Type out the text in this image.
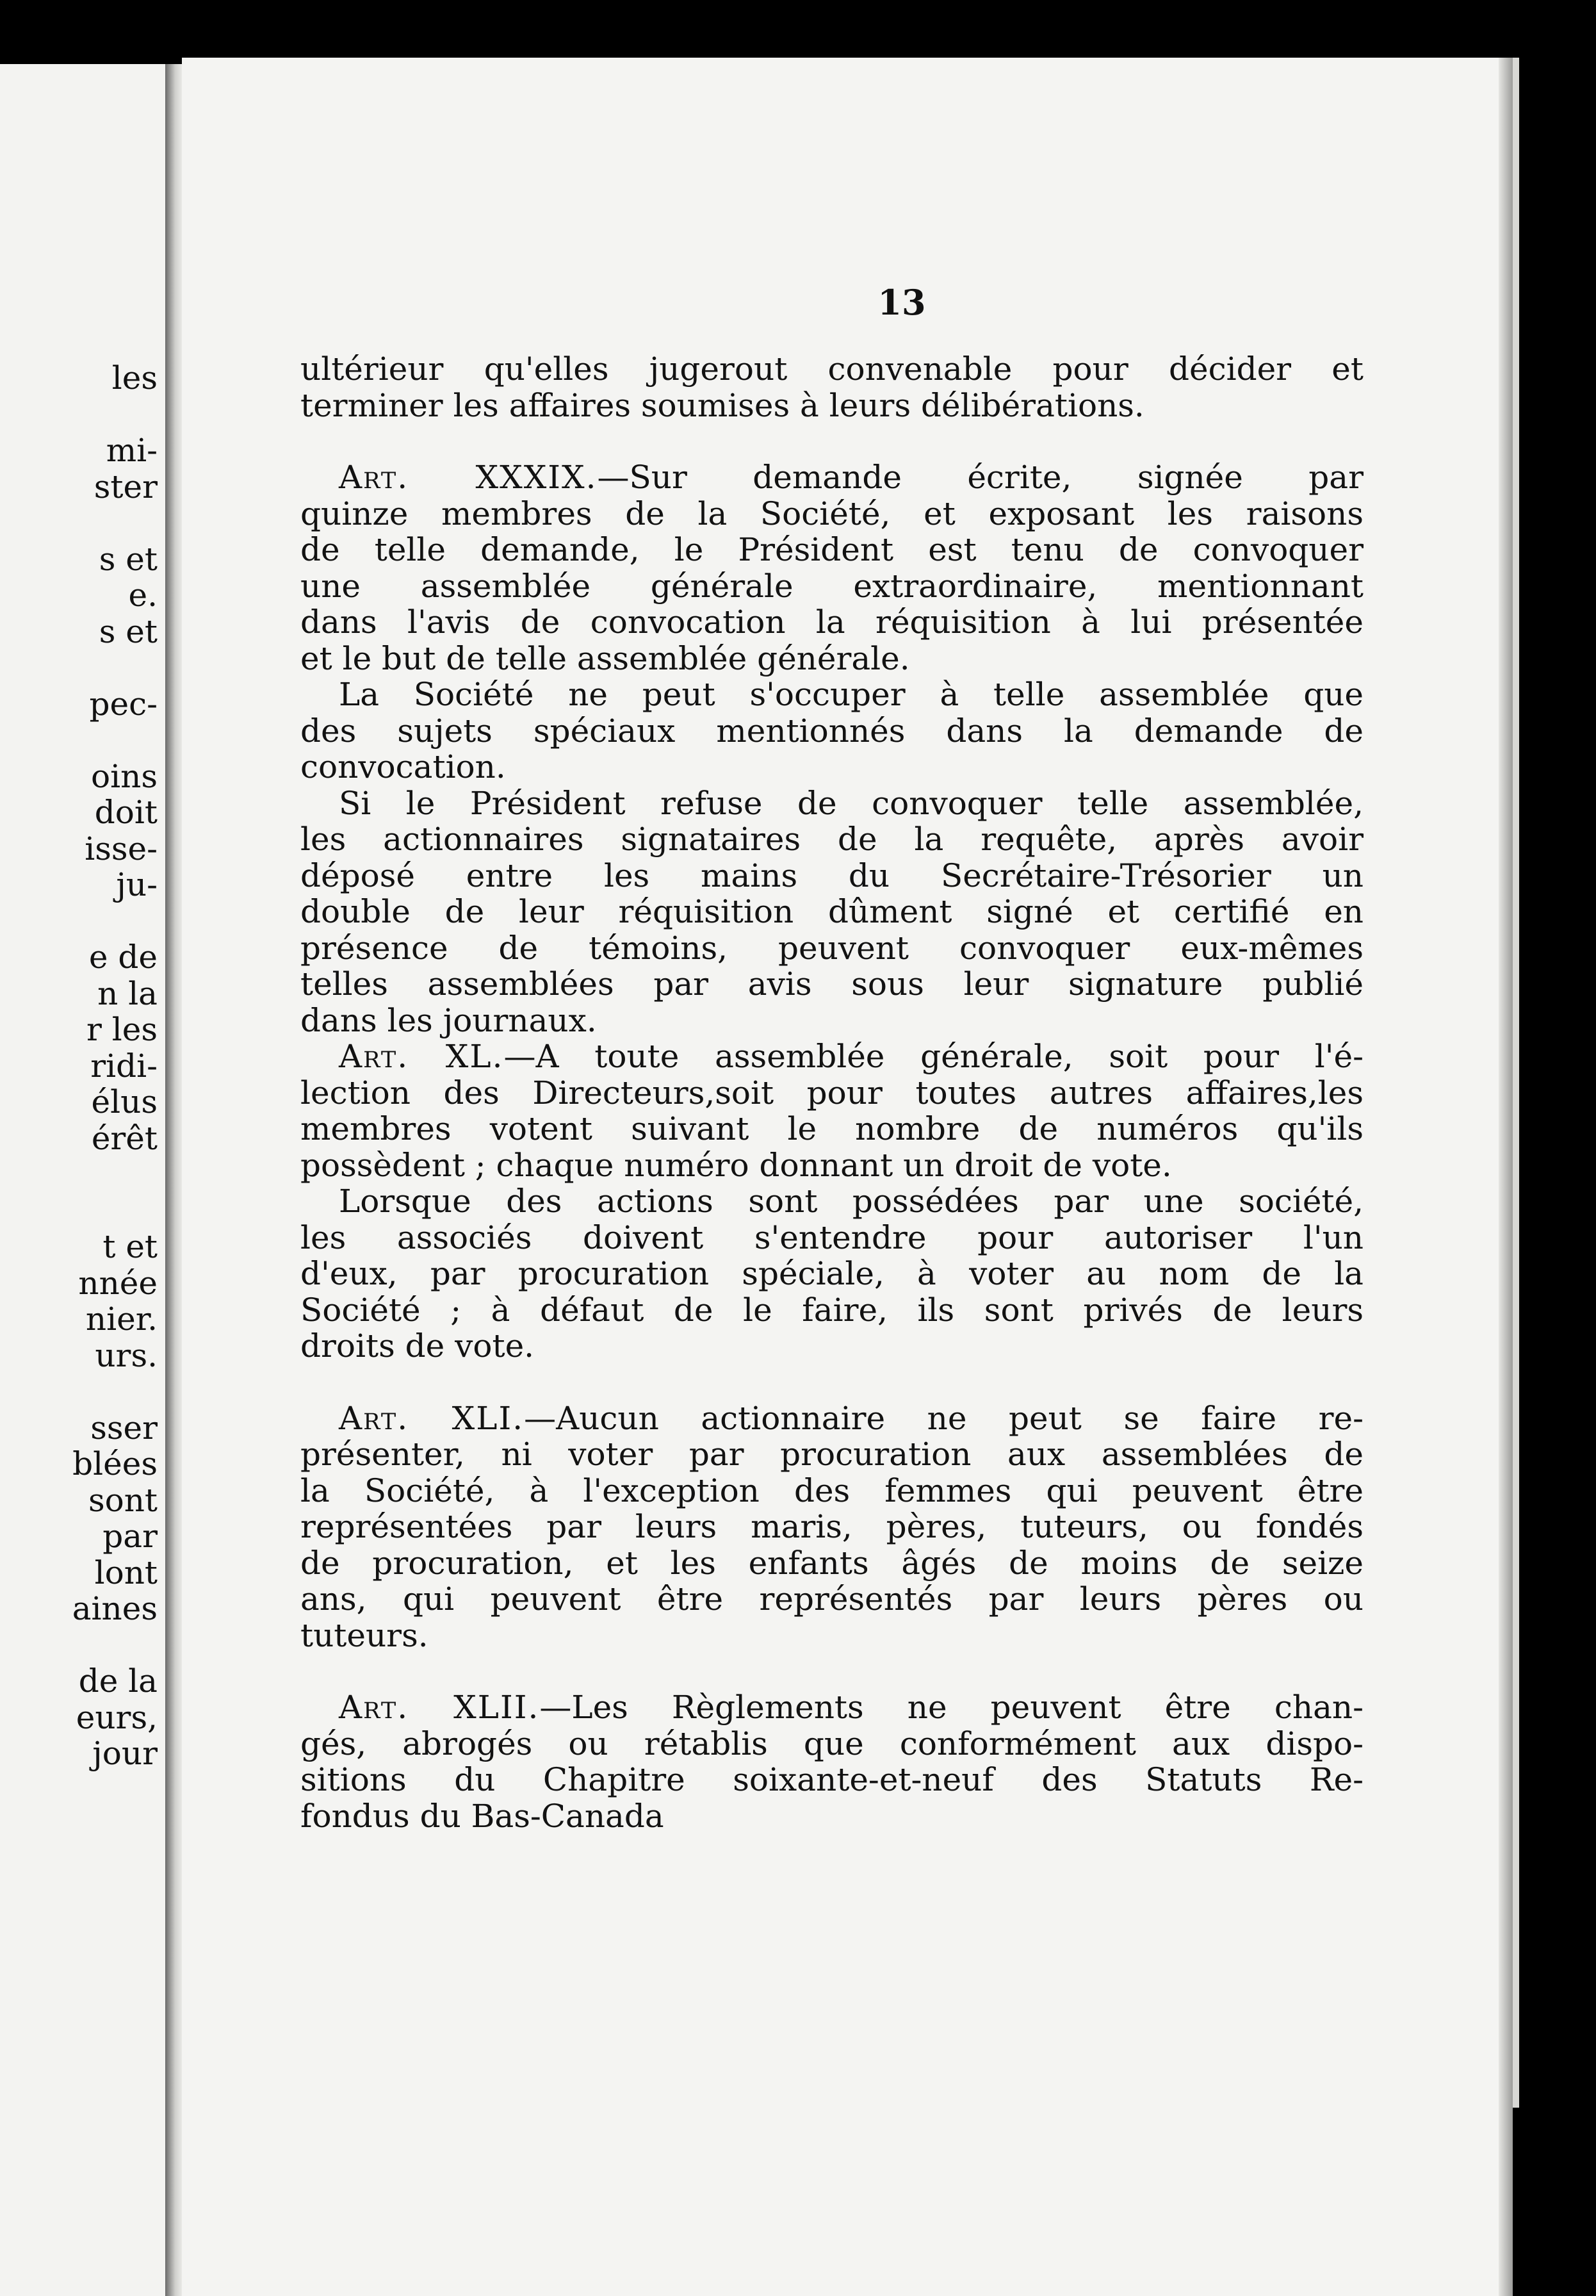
les
mi-
ster
s et
e.
s et
pec-
oins
doit
isse-
ju-
e de
n la
r les
ridi-
élus
érêt
t et
nnée
nier.
urs.
sser
blées
sont
par
lont
aines
de la
eurs,
jour
13
ultérieur qu'elles jugerout convenable pour décider et
terminer les affaires soumises à leurs délibérations.
Art. XXXIX.—Sur demande écrite, signée par
quinze membres de la Société, et exposant les raisons
de telle demande, le Président est tenu de convoquer
une assemblée générale extraordinaire, mentionnant
dans l'avis de convocation la réquisition à lui présentée
et le but de telle assemblée générale.
La Société ne peut s'occuper à telle assemblée que
des sujets spéciaux mentionnés dans la demande de
convocation.
Si le Président refuse de convoquer telle assemblée,
les actionnaires signataires de la requête, après avoir
déposé entre les mains du Secrétaire-Trésorier un
double de leur réquisition dûment signé et certifié en
présence de témoins, peuvent convoquer eux-mêmes
telles assemblées par avis sous leur signature publié
dans les journaux.
Art. XL.—A toute assemblée générale, soit pour l'é-
lection des Directeurs,soit pour toutes autres affaires,les
membres votent suivant le nombre de numéros qu'ils
possèdent ; chaque numéro donnant un droit de vote.
Lorsque des actions sont possédées par une société,
les associés doivent s'entendre pour autoriser l'un
d'eux, par procuration spéciale, à voter au nom de la
Société ; à défaut de le faire, ils sont privés de leurs
droits de vote.
Art. XLI.—Aucun actionnaire ne peut se faire re-
présenter, ni voter par procuration aux assemblées de
la Société, à l'exception des femmes qui peuvent être
représentées par leurs maris, pères, tuteurs, ou fondés
de procuration, et les enfants âgés de moins de seize
ans, qui peuvent être représentés par leurs pères ou
tuteurs.
Art. XLII.—Les Règlements ne peuvent être chan-
gés, abrogés ou rétablis que conformément aux dispo-
sitions du Chapitre soixante-et-neuf des Statuts Re-
fondus du Bas-Canada
